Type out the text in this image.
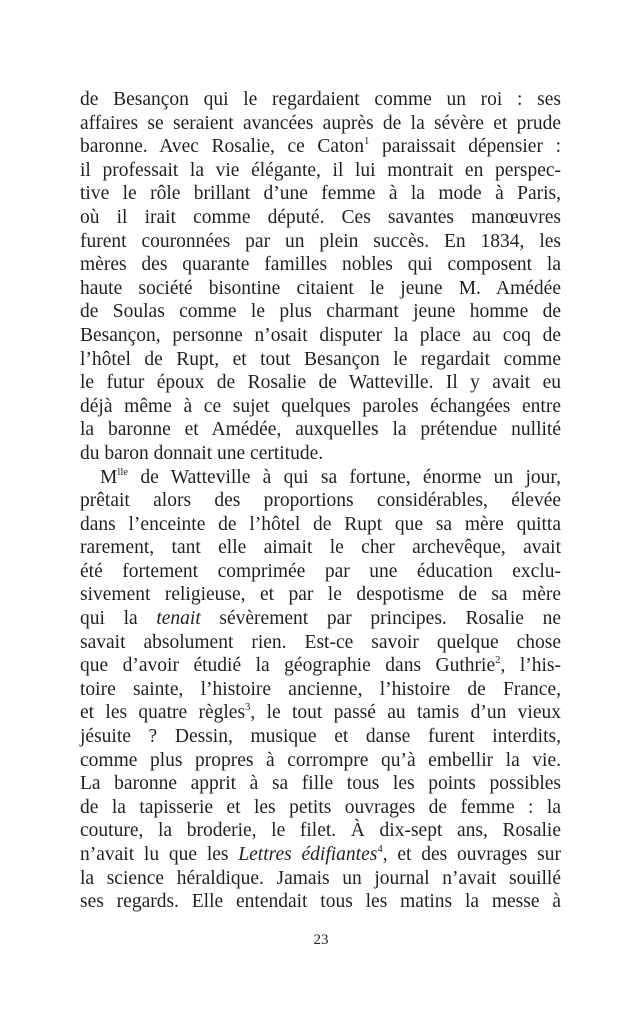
de Besançon qui le regardaient comme un roi : ses
affaires se seraient avancées auprès de la sévère et prude
baronne. Avec Rosalie, ce Caton$^1$ paraissait dépensier :
il professait la vie élégante, il lui montrait en perspec-
tive le rôle brillant d’une femme à la mode à Paris,
où il irait comme député. Ces savantes manœuvres
furent couronnées par un plein succès. En 1834, les
mères des quarante familles nobles qui composent la
haute société bisontine citaient le jeune M. Amédée
de Soulas comme le plus charmant jeune homme de
Besançon, personne n’osait disputer la place au coq de
l’hôtel de Rupt, et tout Besançon le regardait comme
le futur époux de Rosalie de Watteville. Il y avait eu
déjà même à ce sujet quelques paroles échangées entre
la baronne et Amédée, auxquelles la prétendue nullité
du baron donnait une certitude.
$M^{lle}$ de Watteville à qui sa fortune, énorme un jour,
prêtait alors des proportions considérables, élevée
dans l’enceinte de l’hôtel de Rupt que sa mère quitta
rarement, tant elle aimait le cher archevêque, avait
été fortement comprimée par une éducation exclu-
sivement religieuse, et par le despotisme de sa mère
qui la tenait sévèrement par principes. Rosalie ne
savait absolument rien. Est-ce savoir quelque chose
que d’avoir étudié la géographie dans Guthrie$^2$, l’his-
toire sainte, l’histoire ancienne, l’histoire de France,
et les quatre règles$^3$, le tout passé au tamis d’un vieux
jésuite ? Dessin, musique et danse furent interdits,
comme plus propres à corrompre qu’à embellir la vie.
La baronne apprit à sa fille tous les points possibles
de la tapisserie et les petits ouvrages de femme : la
couture, la broderie, le filet. À dix-sept ans, Rosalie
n’avait lu que les Lettres édifiantes$^4$, et des ouvrages sur
la science héraldique. Jamais un journal n’avait souillé
ses regards. Elle entendait tous les matins la messe à
23
